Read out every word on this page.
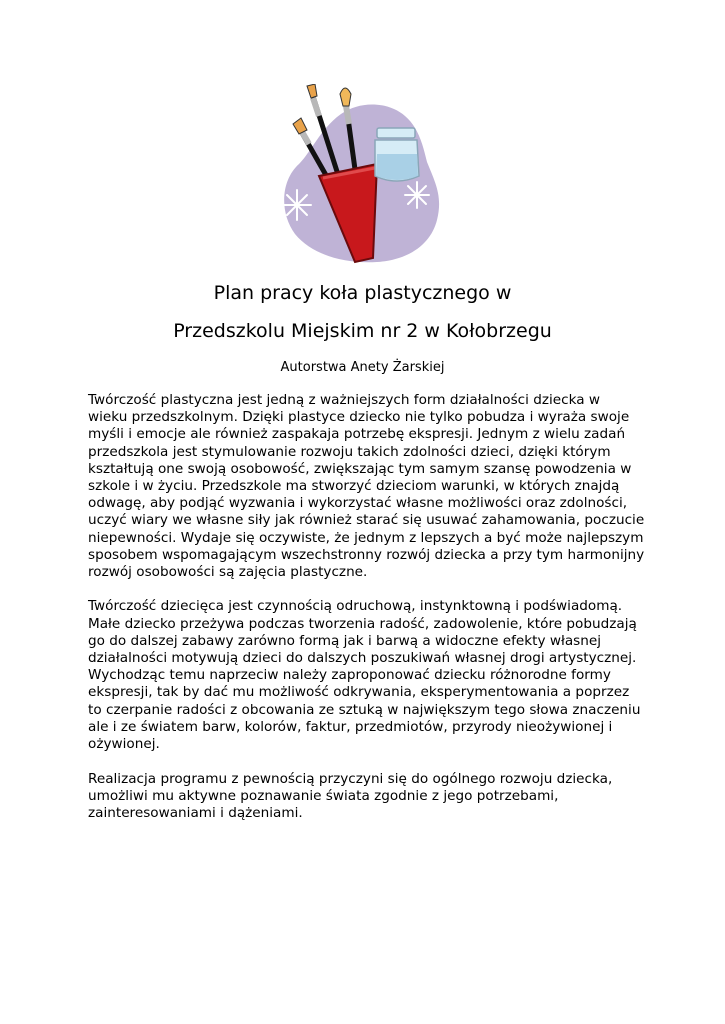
Plan pracy koła plastycznego w
Przedszkolu Miejskim nr 2 w Kołobrzegu
Autorstwa Anety Żarskiej
Twórczość plastyczna jest jedną z ważniejszych form działalności dziecka w
wieku przedszkolnym. Dzięki plastyce dziecko nie tylko pobudza i wyraża swoje
myśli i emocje ale również zaspakaja potrzebę ekspresji. Jednym z wielu zadań
przedszkola jest stymulowanie rozwoju takich zdolności dzieci, dzięki którym
kształtują one swoją osobowość, zwiększając tym samym szansę powodzenia w
szkole i w życiu. Przedszkole ma stworzyć dzieciom warunki, w których znajdą
odwagę, aby podjąć wyzwania i wykorzystać własne możliwości oraz zdolności,
uczyć wiary we własne siły jak również starać się usuwać zahamowania, poczucie
niepewności. Wydaje się oczywiste, że jednym z lepszych a być może najlepszym
sposobem wspomagającym wszechstronny rozwój dziecka a przy tym harmonijny
rozwój osobowości są zajęcia plastyczne.
Twórczość dziecięca jest czynnością odruchową, instynktowną i podświadomą.
Małe dziecko przeżywa podczas tworzenia radość, zadowolenie, które pobudzają
go do dalszej zabawy zarówno formą jak i barwą a widoczne efekty własnej
działalności motywują dzieci do dalszych poszukiwań własnej drogi artystycznej.
Wychodząc temu naprzeciw należy zaproponować dziecku różnorodne formy
ekspresji, tak by dać mu możliwość odkrywania, eksperymentowania a poprzez
to czerpanie radości z obcowania ze sztuką w największym tego słowa znaczeniu
ale i ze światem barw, kolorów, faktur, przedmiotów, przyrody nieożywionej i
ożywionej.
Realizacja programu z pewnością przyczyni się do ogólnego rozwoju dziecka,
umożliwi mu aktywne poznawanie świata zgodnie z jego potrzebami,
zainteresowaniami i dążeniami.
